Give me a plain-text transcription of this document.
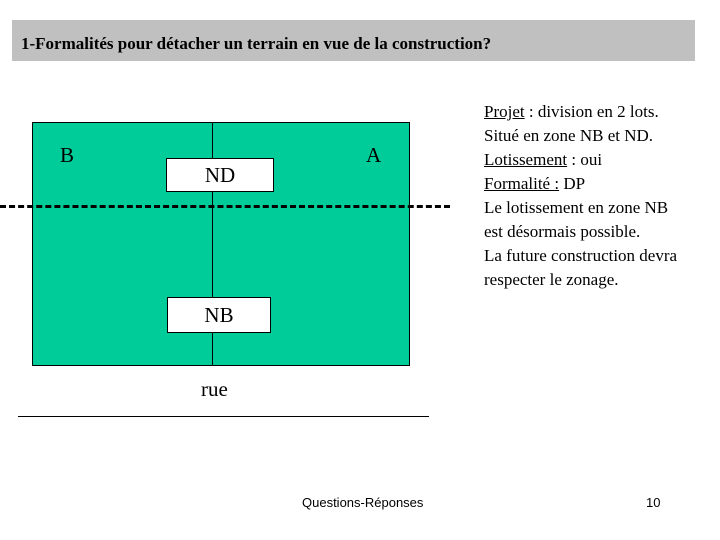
1-Formalités pour détacher un terrain en vue de la construction?
B	A
ND
NB
rue
Projet : division en 2 lots.
Situé en zone NB et ND.
Lotissement : oui
Formalité : DP
Le lotissement en zone NB
est désormais possible.
La future construction devra
respecter le zonage.
Questions-Réponses	10
